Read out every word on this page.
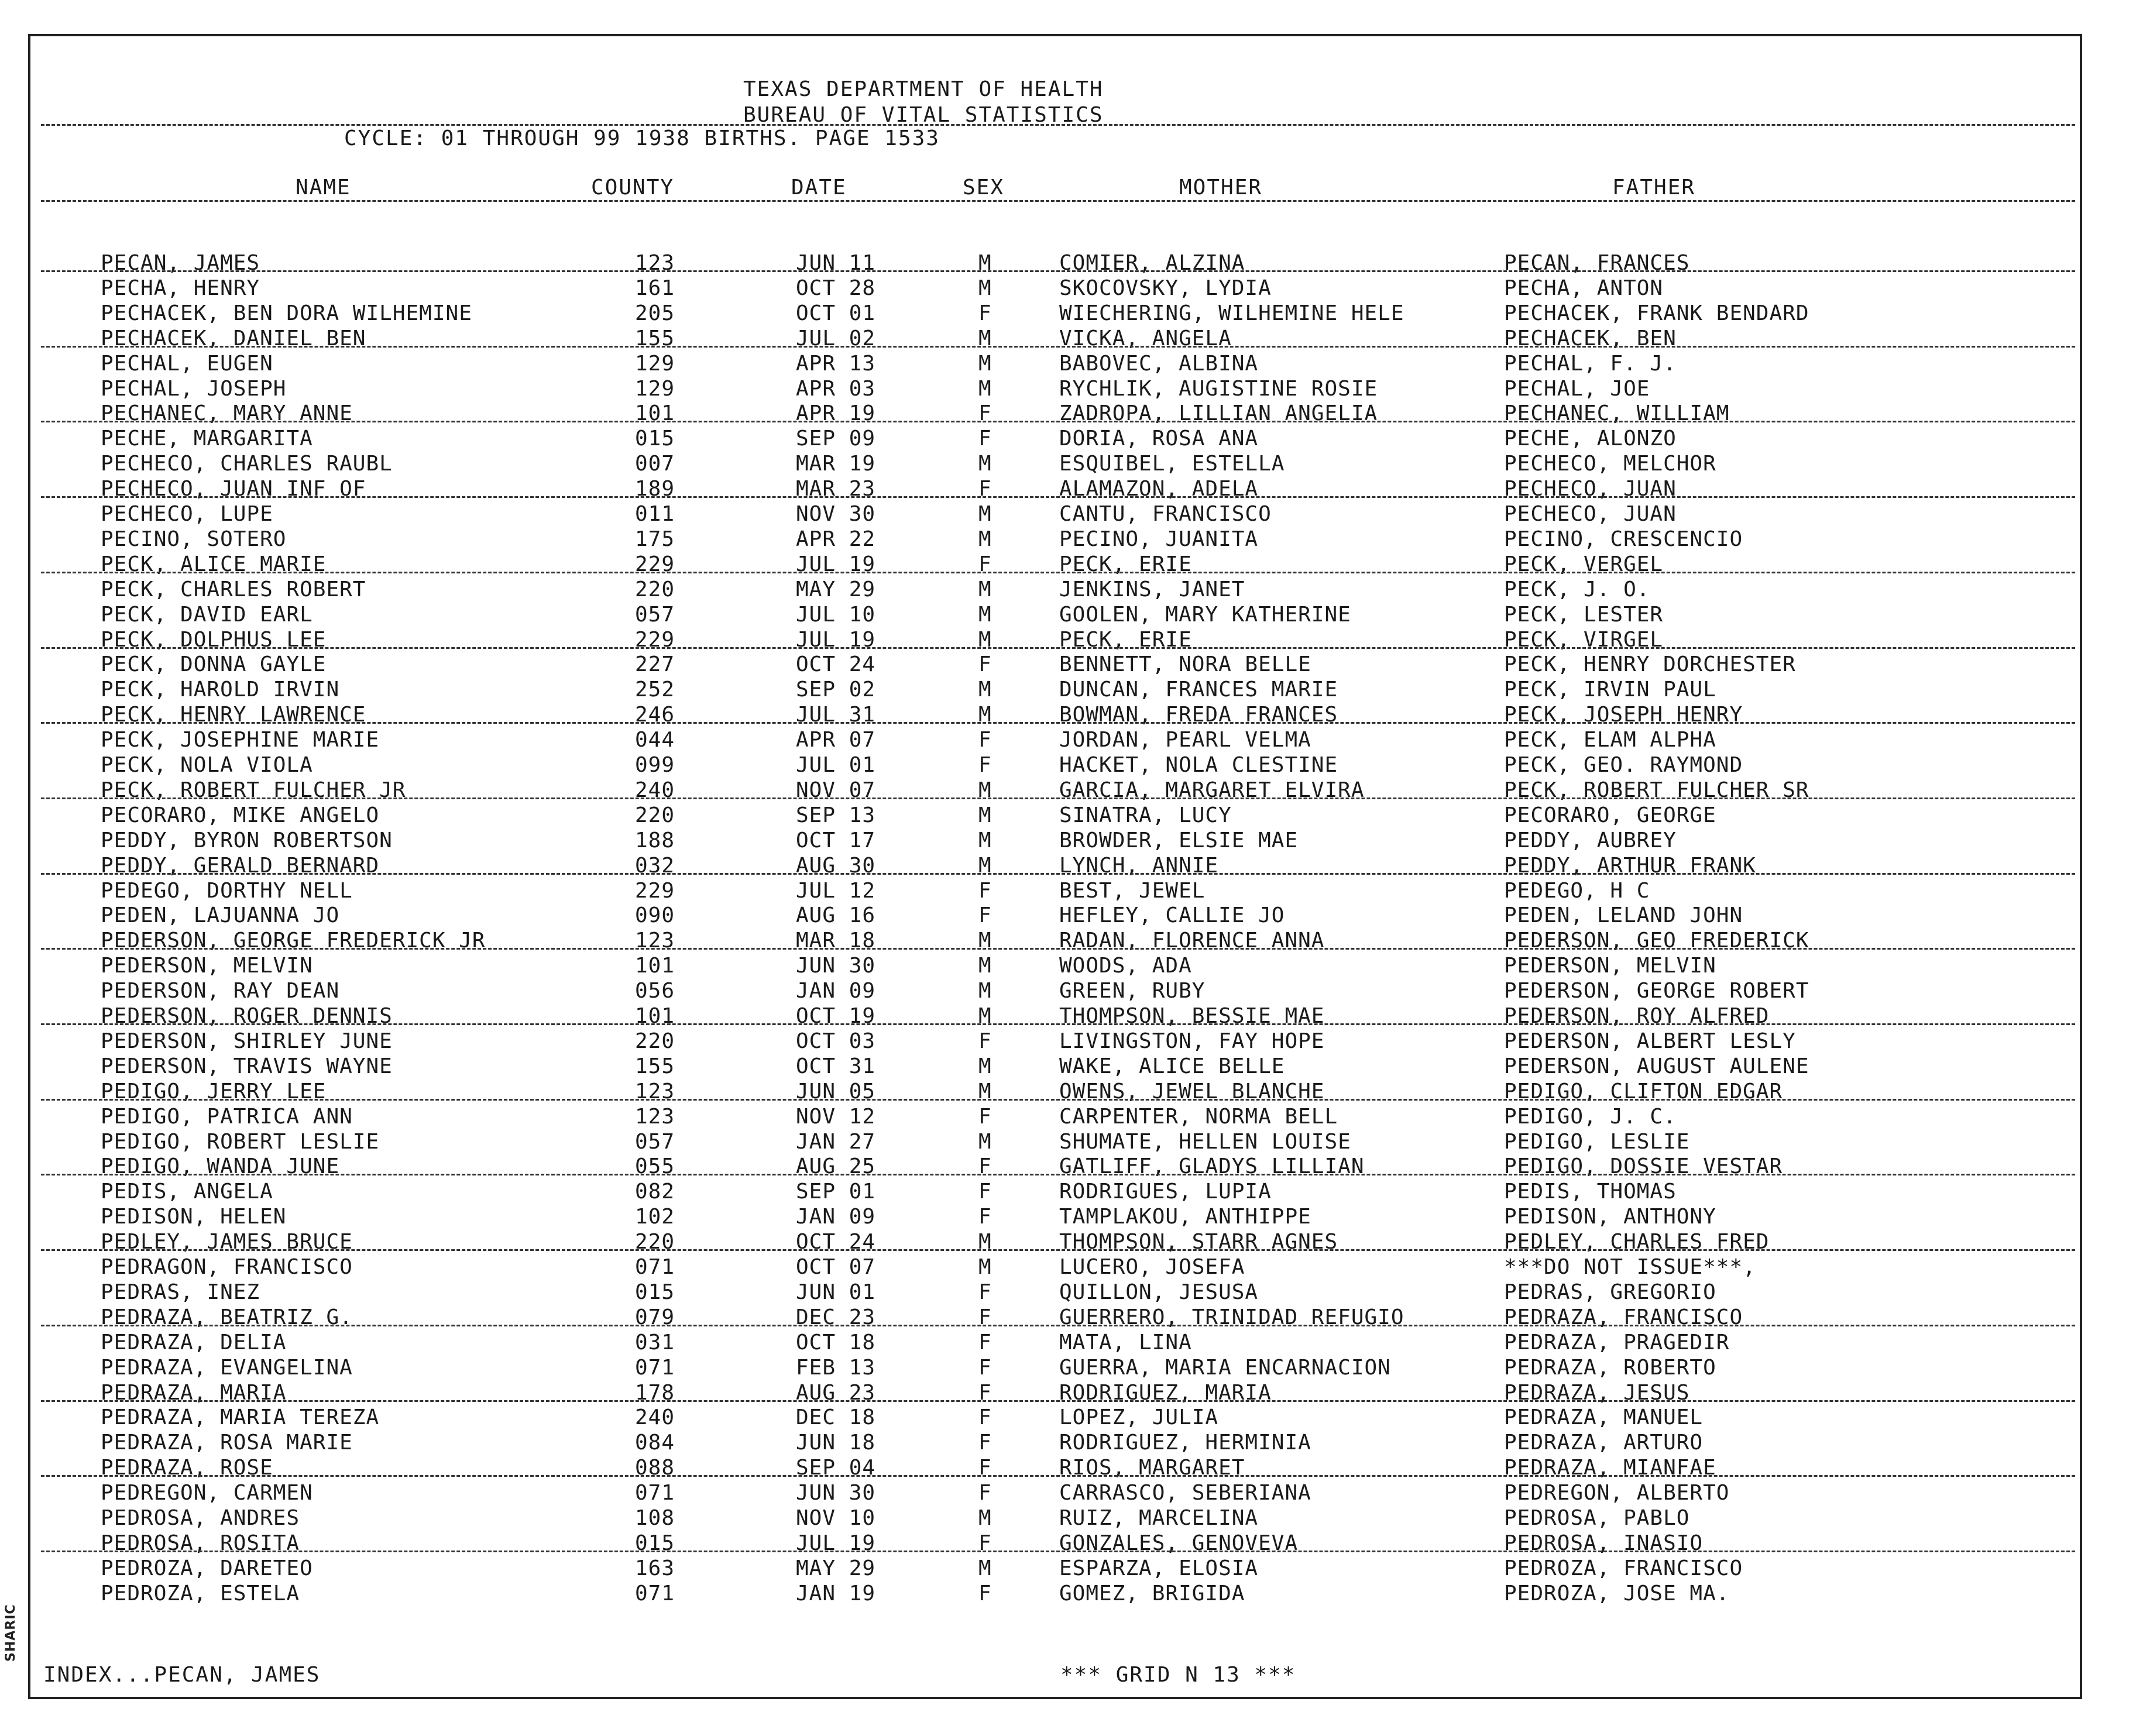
SHARIC
TEXAS DEPARTMENT OF HEALTH
BUREAU OF VITAL STATISTICS
CYCLE: 01 THROUGH 99 1938 BIRTHS. PAGE 1533
NAME	COUNTY	DATE	SEX	MOTHER	FATHER
PECAN, JAMES	123	JUN 11	M	COMIER, ALZINA	PECAN, FRANCES
PECHA, HENRY	161	OCT 28	M	SKOCOVSKY, LYDIA	PECHA, ANTON
PECHACEK, BEN DORA WILHEMINE	205	OCT 01	F	WIECHERING, WILHEMINE HELE	PECHACEK, FRANK BENDARD
PECHACEK, DANIEL BEN	155	JUL 02	M	VICKA, ANGELA	PECHACEK, BEN
PECHAL, EUGEN	129	APR 13	M	BABOVEC, ALBINA	PECHAL, F. J.
PECHAL, JOSEPH	129	APR 03	M	RYCHLIK, AUGISTINE ROSIE	PECHAL, JOE
PECHANEC, MARY ANNE	101	APR 19	F	ZADROPA, LILLIAN ANGELIA	PECHANEC, WILLIAM
PECHE, MARGARITA	015	SEP 09	F	DORIA, ROSA ANA	PECHE, ALONZO
PECHECO, CHARLES RAUBL	007	MAR 19	M	ESQUIBEL, ESTELLA	PECHECO, MELCHOR
PECHECO, JUAN INF OF	189	MAR 23	F	ALAMAZON, ADELA	PECHECO, JUAN
PECHECO, LUPE	011	NOV 30	M	CANTU, FRANCISCO	PECHECO, JUAN
PECINO, SOTERO	175	APR 22	M	PECINO, JUANITA	PECINO, CRESCENCIO
PECK, ALICE MARIE	229	JUL 19	F	PECK, ERIE	PECK, VERGEL
PECK, CHARLES ROBERT	220	MAY 29	M	JENKINS, JANET	PECK, J. O.
PECK, DAVID EARL	057	JUL 10	M	GOOLEN, MARY KATHERINE	PECK, LESTER
PECK, DOLPHUS LEE	229	JUL 19	M	PECK, ERIE	PECK, VIRGEL
PECK, DONNA GAYLE	227	OCT 24	F	BENNETT, NORA BELLE	PECK, HENRY DORCHESTER
PECK, HAROLD IRVIN	252	SEP 02	M	DUNCAN, FRANCES MARIE	PECK, IRVIN PAUL
PECK, HENRY LAWRENCE	246	JUL 31	M	BOWMAN, FREDA FRANCES	PECK, JOSEPH HENRY
PECK, JOSEPHINE MARIE	044	APR 07	F	JORDAN, PEARL VELMA	PECK, ELAM ALPHA
PECK, NOLA VIOLA	099	JUL 01	F	HACKET, NOLA CLESTINE	PECK, GEO. RAYMOND
PECK, ROBERT FULCHER JR	240	NOV 07	M	GARCIA, MARGARET ELVIRA	PECK, ROBERT FULCHER SR
PECORARO, MIKE ANGELO	220	SEP 13	M	SINATRA, LUCY	PECORARO, GEORGE
PEDDY, BYRON ROBERTSON	188	OCT 17	M	BROWDER, ELSIE MAE	PEDDY, AUBREY
PEDDY, GERALD BERNARD	032	AUG 30	M	LYNCH, ANNIE	PEDDY, ARTHUR FRANK
PEDEGO, DORTHY NELL	229	JUL 12	F	BEST, JEWEL	PEDEGO, H C
PEDEN, LAJUANNA JO	090	AUG 16	F	HEFLEY, CALLIE JO	PEDEN, LELAND JOHN
PEDERSON, GEORGE FREDERICK JR	123	MAR 18	M	RADAN, FLORENCE ANNA	PEDERSON, GEO FREDERICK
PEDERSON, MELVIN	101	JUN 30	M	WOODS, ADA	PEDERSON, MELVIN
PEDERSON, RAY DEAN	056	JAN 09	M	GREEN, RUBY	PEDERSON, GEORGE ROBERT
PEDERSON, ROGER DENNIS	101	OCT 19	M	THOMPSON, BESSIE MAE	PEDERSON, ROY ALFRED
PEDERSON, SHIRLEY JUNE	220	OCT 03	F	LIVINGSTON, FAY HOPE	PEDERSON, ALBERT LESLY
PEDERSON, TRAVIS WAYNE	155	OCT 31	M	WAKE, ALICE BELLE	PEDERSON, AUGUST AULENE
PEDIGO, JERRY LEE	123	JUN 05	M	OWENS, JEWEL BLANCHE	PEDIGO, CLIFTON EDGAR
PEDIGO, PATRICA ANN	123	NOV 12	F	CARPENTER, NORMA BELL	PEDIGO, J. C.
PEDIGO, ROBERT LESLIE	057	JAN 27	M	SHUMATE, HELLEN LOUISE	PEDIGO, LESLIE
PEDIGO, WANDA JUNE	055	AUG 25	F	GATLIFF, GLADYS LILLIAN	PEDIGO, DOSSIE VESTAR
PEDIS, ANGELA	082	SEP 01	F	RODRIGUES, LUPIA	PEDIS, THOMAS
PEDISON, HELEN	102	JAN 09	F	TAMPLAKOU, ANTHIPPE	PEDISON, ANTHONY
PEDLEY, JAMES BRUCE	220	OCT 24	M	THOMPSON, STARR AGNES	PEDLEY, CHARLES FRED
PEDRAGON, FRANCISCO	071	OCT 07	M	LUCERO, JOSEFA	***DO NOT ISSUE***,
PEDRAS, INEZ	015	JUN 01	F	QUILLON, JESUSA	PEDRAS, GREGORIO
PEDRAZA, BEATRIZ G.	079	DEC 23	F	GUERRERO, TRINIDAD REFUGIO	PEDRAZA, FRANCISCO
PEDRAZA, DELIA	031	OCT 18	F	MATA, LINA	PEDRAZA, PRAGEDIR
PEDRAZA, EVANGELINA	071	FEB 13	F	GUERRA, MARIA ENCARNACION	PEDRAZA, ROBERTO
PEDRAZA, MARIA	178	AUG 23	F	RODRIGUEZ, MARIA	PEDRAZA, JESUS
PEDRAZA, MARIA TEREZA	240	DEC 18	F	LOPEZ, JULIA	PEDRAZA, MANUEL
PEDRAZA, ROSA MARIE	084	JUN 18	F	RODRIGUEZ, HERMINIA	PEDRAZA, ARTURO
PEDRAZA, ROSE	088	SEP 04	F	RIOS, MARGARET	PEDRAZA, MIANFAE
PEDREGON, CARMEN	071	JUN 30	F	CARRASCO, SEBERIANA	PEDREGON, ALBERTO
PEDROSA, ANDRES	108	NOV 10	M	RUIZ, MARCELINA	PEDROSA, PABLO
PEDROSA, ROSITA	015	JUL 19	F	GONZALES, GENOVEVA	PEDROSA, INASIO
PEDROZA, DARETEO	163	MAY 29	M	ESPARZA, ELOSIA	PEDROZA, FRANCISCO
PEDROZA, ESTELA	071	JAN 19	F	GOMEZ, BRIGIDA	PEDROZA, JOSE MA.
INDEX...PECAN, JAMES	*** GRID N 13 ***
